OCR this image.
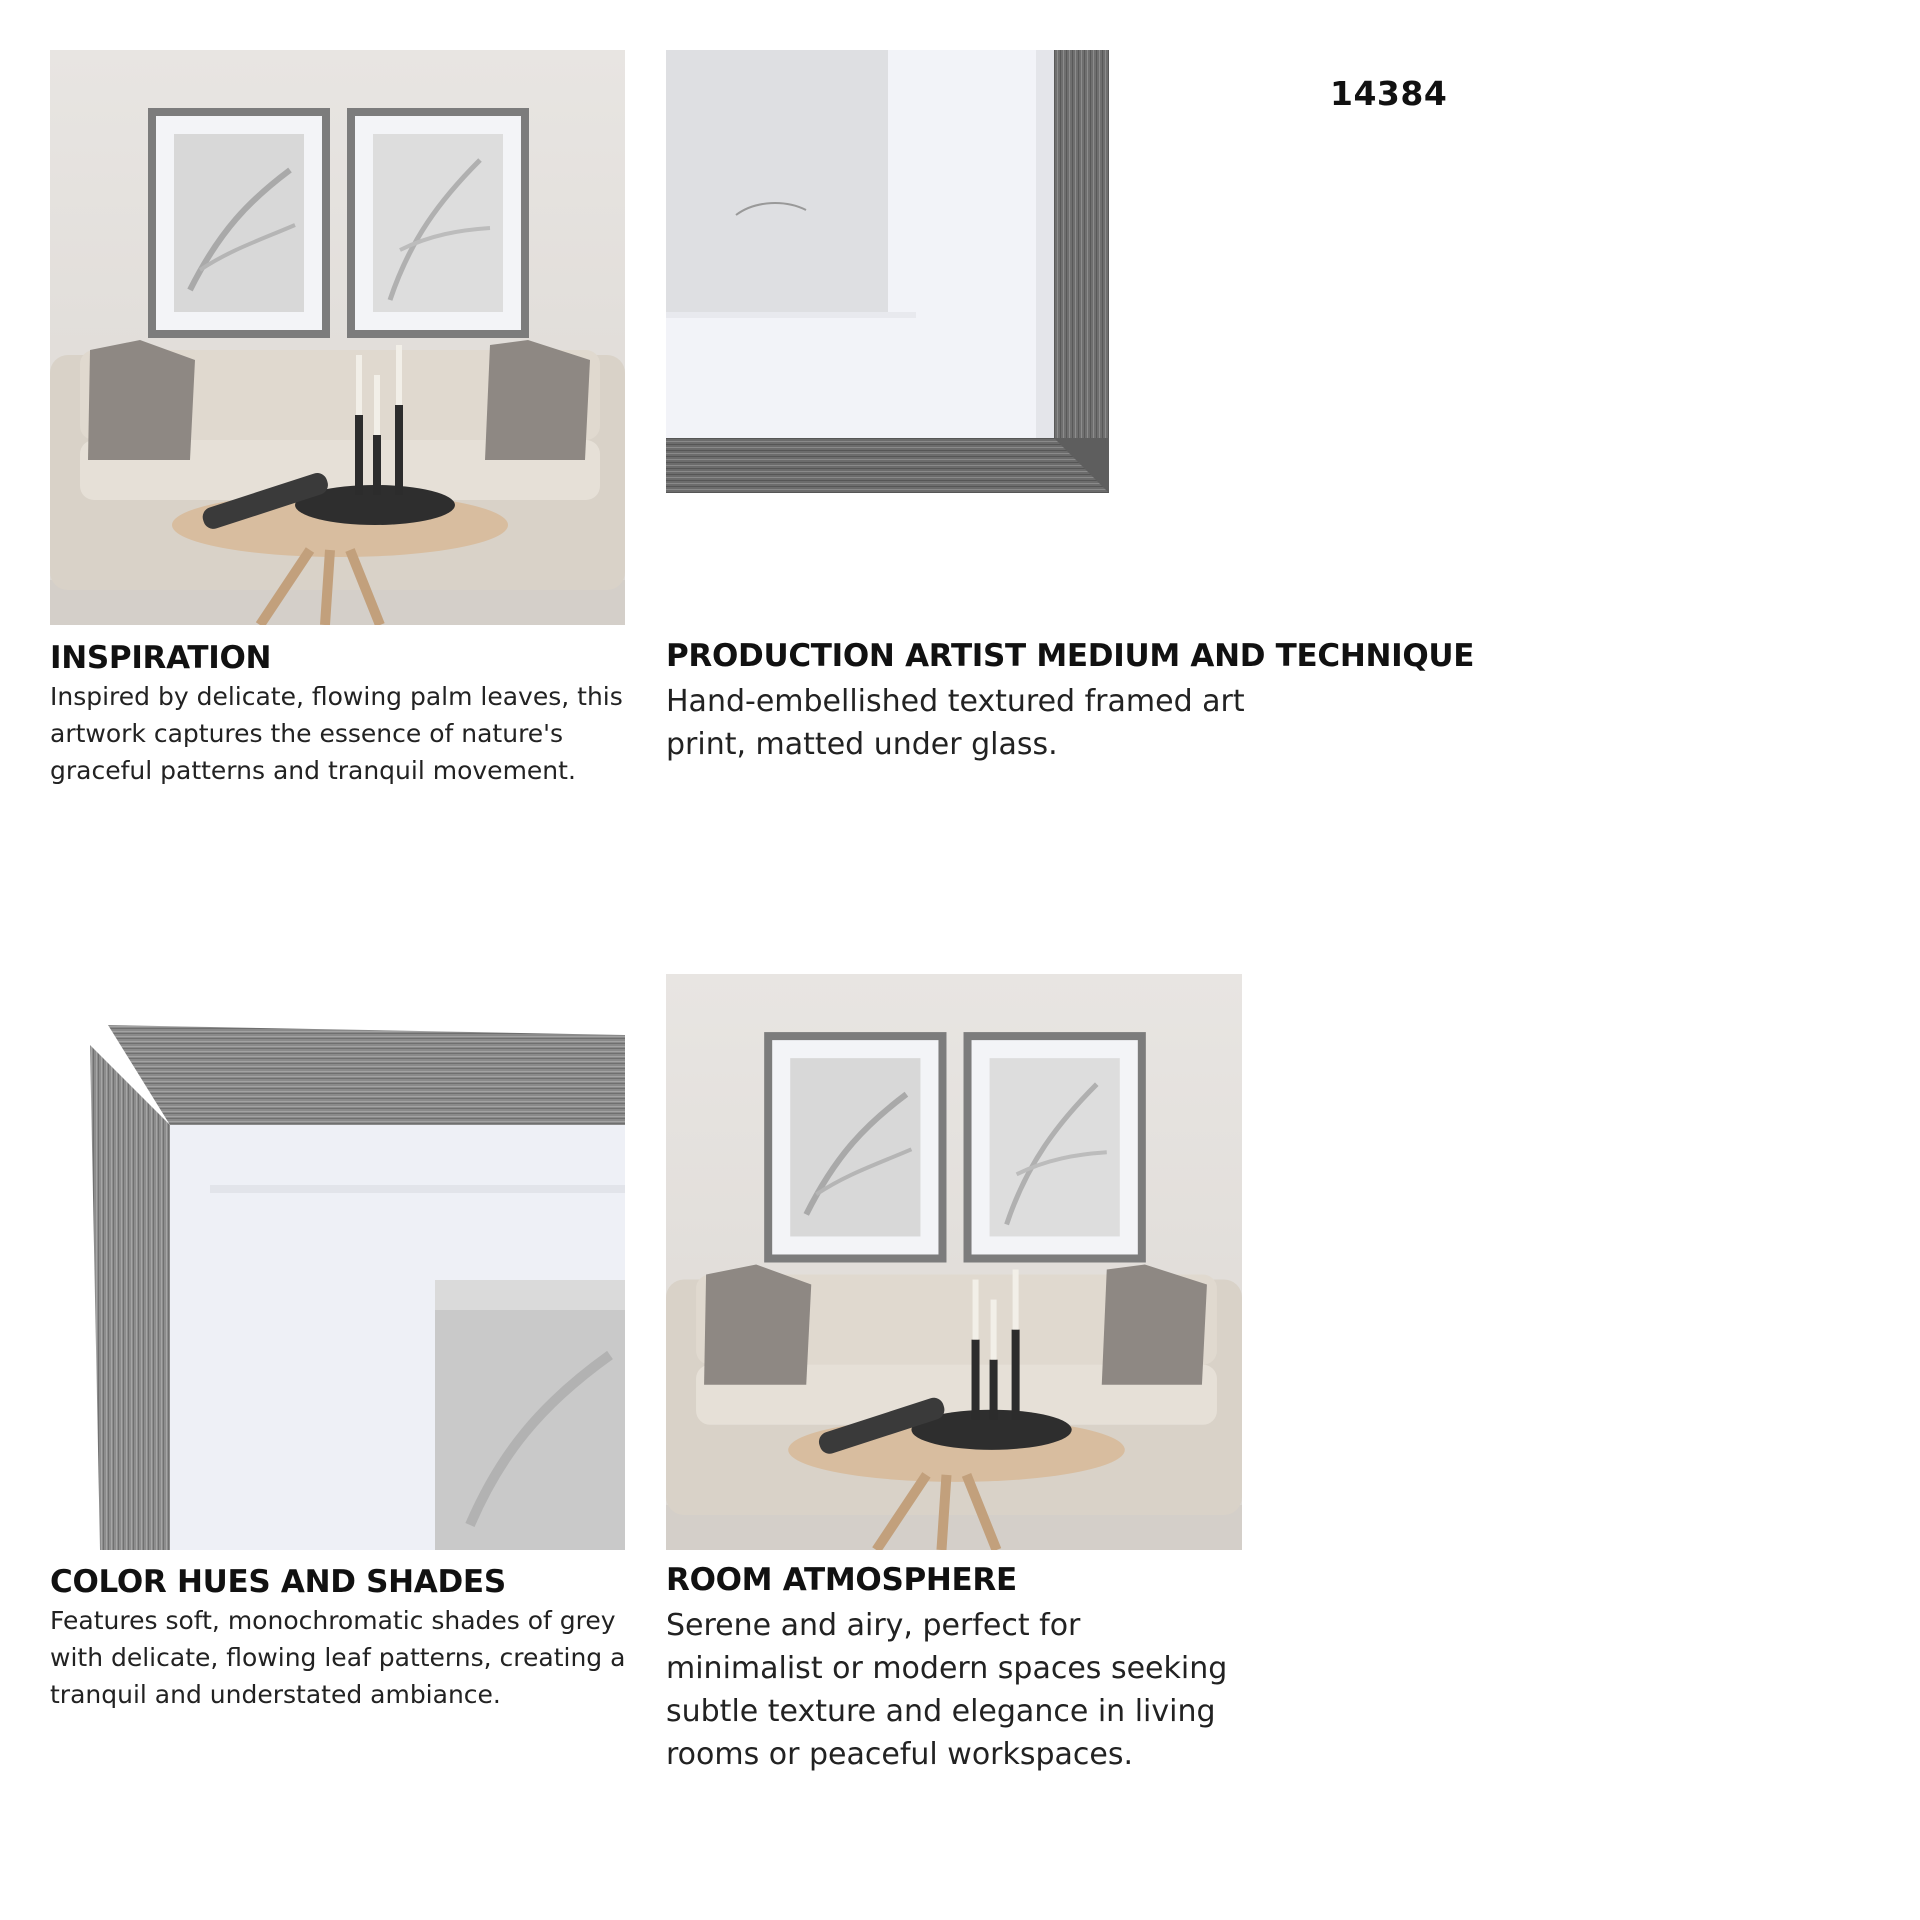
14384
INSPIRATION
Inspired by delicate, flowing palm leaves, this artwork captures the essence of nature's graceful patterns and tranquil movement.
PRODUCTION ARTIST MEDIUM AND TECHNIQUE
Hand-embellished textured framed art print, matted under glass.
COLOR HUES AND SHADES
Features soft, monochromatic shades of grey with delicate, flowing leaf patterns, creating a tranquil and understated ambiance.
ROOM ATMOSPHERE
Serene and airy, perfect for minimalist or modern spaces seeking subtle texture and elegance in living rooms or peaceful workspaces.
